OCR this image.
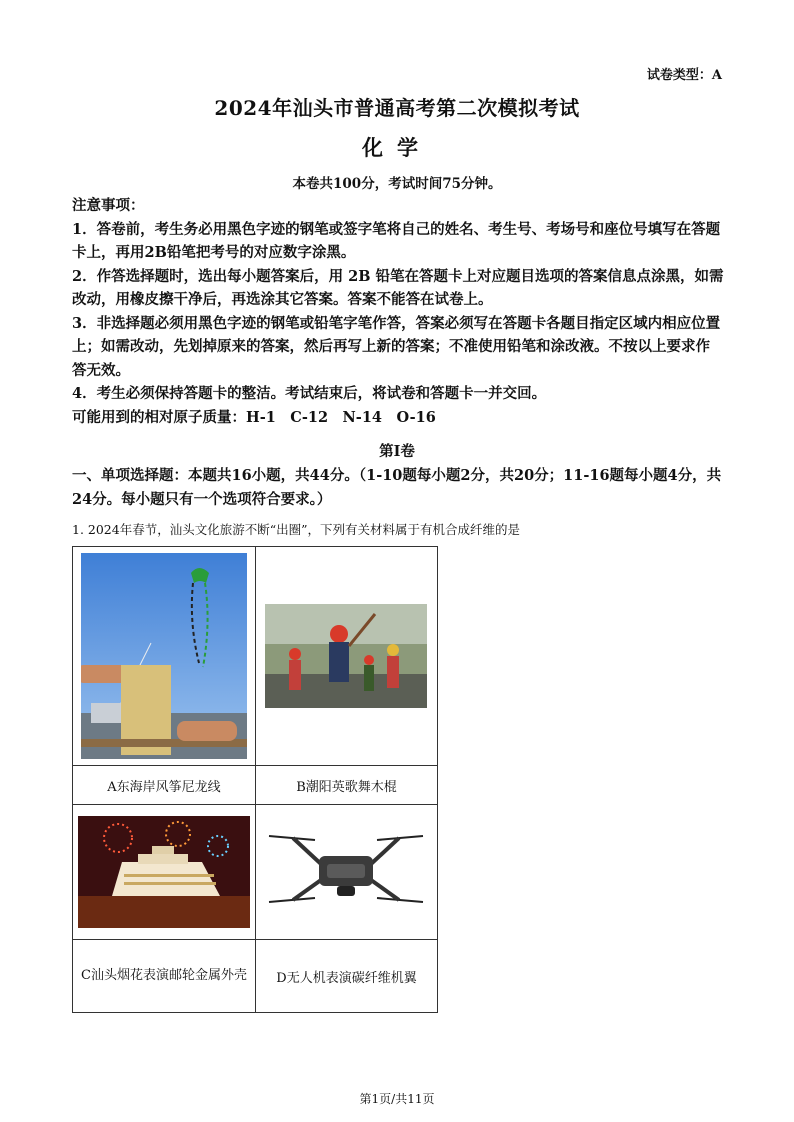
试卷类型：A
2024年汕头市普通高考第二次模拟考试
化学
本卷共100分，考试时间75分钟。

注意事项：

1．答卷前，考生务必用黑色字迹的钢笔或签字笔将自己的姓名、考生号、考场号和座位号填写在答题卡上，再用2B铅笔把考号的对应数字涂黑。

2．作答选择题时，选出每小题答案后，用 2B 铅笔在答题卡上对应题目选项的答案信息点涂黑，如需改动，用橡皮擦干净后，再选涂其它答案。答案不能答在试卷上。

3．非选择题必须用黑色字迹的钢笔或铅笔字笔作答，答案必须写在答题卡各题目指定区域内相应位置上；如需改动，先划掉原来的答案，然后再写上新的答案；不准使用铅笔和涂改液。不按以上要求作答无效。

4．考生必须保持答题卡的整洁。考试结束后，将试卷和答题卡一并交回。

可能用到的相对原子质量：H-1　C-12　N-14　O-16

第Ⅰ卷

一、单项选择题：本题共16小题，共44分。（1-10题每小题2分，共20分；11-16题每小题4分，共24分。每小题只有一个选项符合要求。）

1. 2024年春节，汕头文化旅游不断“出圈”，下列有关材料属于有机合成纤维的是

A东海岸风筝尼龙线	B潮阳英歌舞木棍

C汕头烟花表演邮轮金属外壳	D无人机表演碳纤维机翼
第1页/共11页
